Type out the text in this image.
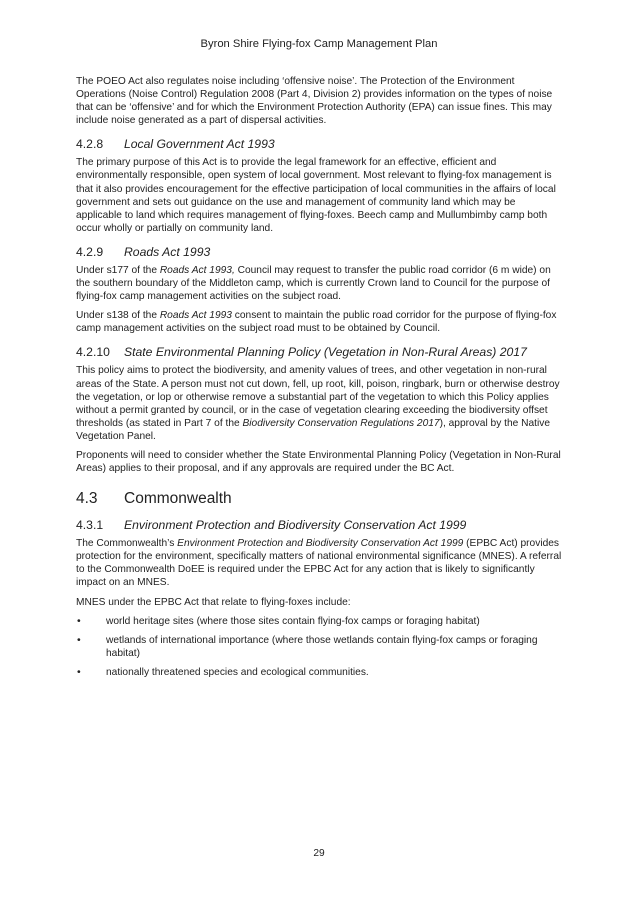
Byron Shire Flying-fox Camp Management Plan

The POEO Act also regulates noise including ‘offensive noise’. The Protection of the Environment Operations (Noise Control) Regulation 2008 (Part 4, Division 2) provides information on the types of noise that can be ‘offensive’ and for which the Environment Protection Authority (EPA) can issue fines. This may include noise generated as a part of dispersal activities.

4.2.8 Local Government Act 1993

The primary purpose of this Act is to provide the legal framework for an effective, efficient and environmentally responsible, open system of local government. Most relevant to flying-fox management is that it also provides encouragement for the effective participation of local communities in the affairs of local government and sets out guidance on the use and management of community land which may be applicable to land which requires management of flying-foxes. Beech camp and Mullumbimby camp both occur wholly or partially on community land.

4.2.9 Roads Act 1993

Under s177 of the Roads Act 1993, Council may request to transfer the public road corridor (6 m wide) on the southern boundary of the Middleton camp, which is currently Crown land to Council for the purpose of flying-fox camp management activities on the subject road.

Under s138 of the Roads Act 1993 consent to maintain the public road corridor for the purpose of flying-fox camp management activities on the subject road must to be obtained by Council.

4.2.10 State Environmental Planning Policy (Vegetation in Non-Rural Areas) 2017

This policy aims to protect the biodiversity, and amenity values of trees, and other vegetation in non-rural areas of the State. A person must not cut down, fell, up root, kill, poison, ringbark, burn or otherwise destroy the vegetation, or lop or otherwise remove a substantial part of the vegetation to which this Policy applies without a permit granted by council, or in the case of vegetation clearing exceeding the biodiversity offset thresholds (as stated in Part 7 of the Biodiversity Conservation Regulations 2017), approval by the Native Vegetation Panel.

Proponents will need to consider whether the State Environmental Planning Policy (Vegetation in Non-Rural Areas) applies to their proposal, and if any approvals are required under the BC Act.

4.3 Commonwealth
4.3.1 Environment Protection and Biodiversity Conservation Act 1999

The Commonwealth’s Environment Protection and Biodiversity Conservation Act 1999 (EPBC Act) provides protection for the environment, specifically matters of national environmental significance (MNES). A referral to the Commonwealth DoEE is required under the EPBC Act for any action that is likely to significantly impact on an MNES.

MNES under the EPBC Act that relate to flying-foxes include:

• world heritage sites (where those sites contain flying-fox camps or foraging habitat)
• wetlands of international importance (where those wetlands contain flying-fox camps or foraging habitat)
• nationally threatened species and ecological communities.
29
